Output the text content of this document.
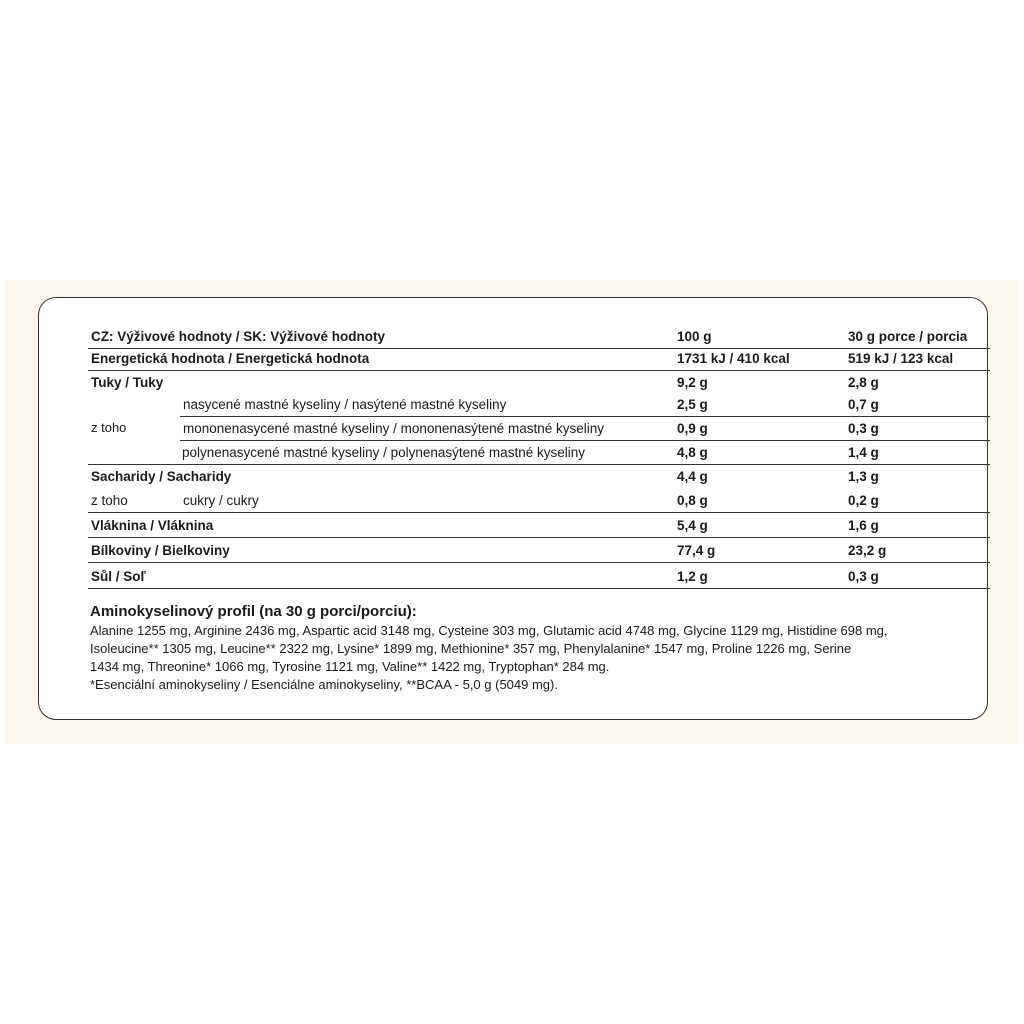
CZ: Výživové hodnoty / SK: Výživové hodnoty	100 g	30 g porce / porcia
Energetická hodnota / Energetická hodnota	1731 kJ / 410 kcal	519 kJ / 123 kcal
Tuky / Tuky	9,2 g	2,8 g
z toho
nasycené mastné kyseliny / nasýtené mastné kyseliny	2,5 g	0,7 g
mononenasycené mastné kyseliny / mononenasýtené mastné kyseliny	0,9 g	0,3 g
polynenasycené mastné kyseliny / polynenasýtené mastné kyseliny	4,8 g	1,4 g
Sacharidy / Sacharidy	4,4 g	1,3 g
z toho	cukry / cukry	0,8 g	0,2 g
Vláknina / Vláknina	5,4 g	1,6 g
Bílkoviny / Bielkoviny	77,4 g	23,2 g
Sůl / Soľ	1,2 g	0,3 g
Aminokyselinový profil (na 30 g porci/porciu):
Alanine 1255 mg, Arginine 2436 mg, Aspartic acid 3148 mg, Cysteine 303 mg, Glutamic acid 4748 mg, Glycine 1129 mg, Histidine 698 mg,
Isoleucine** 1305 mg, Leucine** 2322 mg, Lysine* 1899 mg, Methionine* 357 mg, Phenylalanine* 1547 mg, Proline 1226 mg, Serine
1434 mg, Threonine* 1066 mg, Tyrosine 1121 mg, Valine** 1422 mg, Tryptophan* 284 mg.
*Esenciální aminokyseliny / Esenciálne aminokyseliny, **BCAA - 5,0 g (5049 mg).
